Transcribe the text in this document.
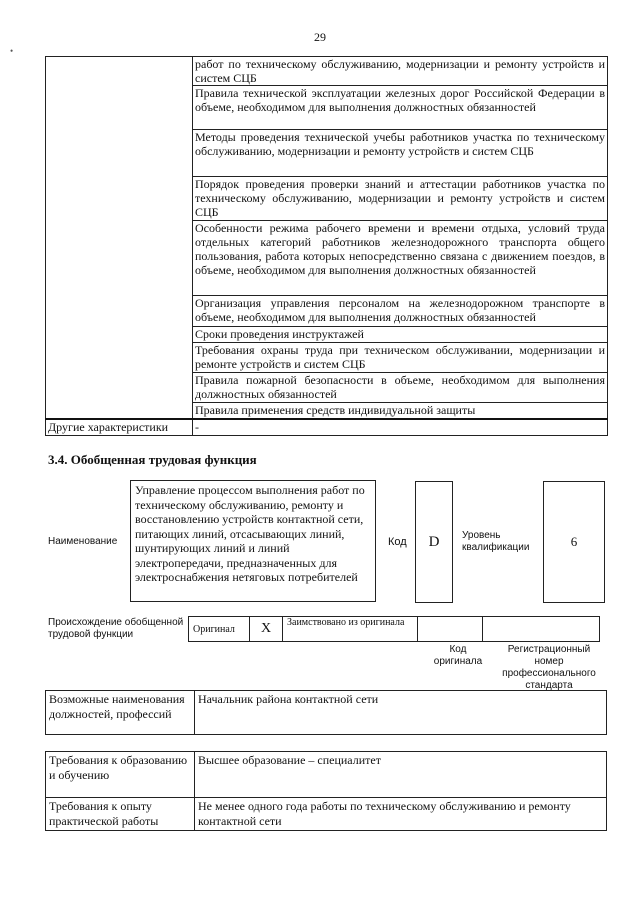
29
•
	работ по техническому обслуживанию, модернизации и ремонту устройств и систем СЦБ
	Правила технической эксплуатации железных дорог Российской Федерации в объеме, необходимом для выполнения должностных обязанностей
	Методы проведения технической учебы работников участка по техническому обслуживанию, модернизации и ремонту устройств и систем СЦБ
	Порядок проведения проверки знаний и аттестации работников участка по техническому обслуживанию, модернизации и ремонту устройств и систем СЦБ
	Особенности режима рабочего времени и времени отдыха, условий труда отдельных категорий работников железнодорожного транспорта общего пользования, работа которых непосредственно связана с движением поездов, в объеме, необходимом для выполнения должностных обязанностей
	Организация управления персоналом на железнодорожном транспорте в объеме, необходимом для выполнения должностных обязанностей
	Сроки проведения инструктажей
	Требования охраны труда при техническом обслуживании, модернизации и ремонте устройств и систем СЦБ
	Правила пожарной безопасности в объеме, необходимом для выполнения должностных обязанностей
	Правила применения средств индивидуальной защиты
Другие характеристики	-
3.4. Обобщенная трудовая функция
Наименование
Управление процессом выполнения работ по техническому обслуживанию, ремонту и восстановлению устройств контактной сети, питающих линий, отсасывающих линий, шунтирующих линий и линий электропередачи, предназначенных для электроснабжения нетяговых потребителей
Код	D	Уровень квалификации	6
Происхождение обобщенной трудовой функции	Оригинал	X	Заимствовано из оригинала		
Код оригинала
Регистрационный номер профессионального стандарта
Возможные наименования должностей, профессий	Начальник района контактной сети
Требования к образованию и обучению	Высшее образование – специалитет
Требования к опыту практической работы	Не менее одного года работы по техническому обслуживанию и ремонту контактной сети
